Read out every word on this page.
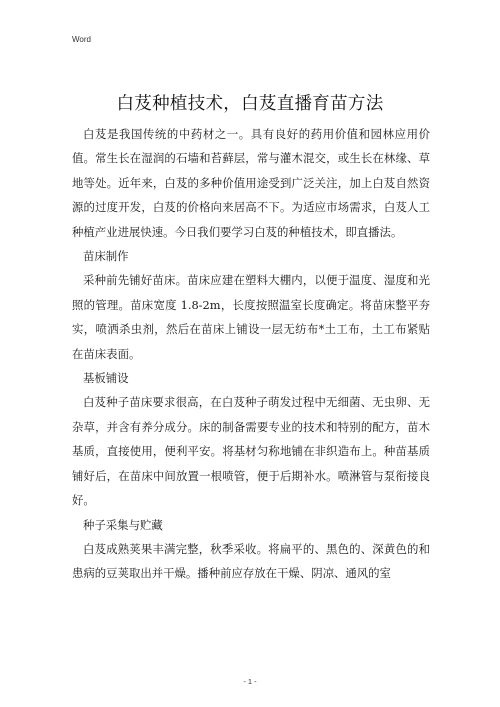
Word
白芨种植技术，白芨直播育苗方法

白芨是我国传统的中药材之一。具有良好的药用价值和园林应用价值。常生长在湿润的石墙和苔藓层，常与灌木混交，或生长在林缘、草地等处。近年来，白芨的多种价值用途受到广泛关注，加上白芨自然资源的过度开发，白芨的价格向来居高不下。为适应市场需求，白芨人工种植产业进展快速。今日我们要学习白芨的种植技术，即直播法。

苗床制作

采种前先铺好苗床。苗床应建在塑料大棚内，以便于温度、湿度和光照的管理。苗床宽度 1.8-2m，长度按照温室长度确定。将苗床整平夯实，喷洒杀虫剂，然后在苗床上铺设一层无纺布*土工布，土工布紧贴在苗床表面。

基板铺设

白芨种子苗床要求很高，在白芨种子萌发过程中无细菌、无虫卵、无杂草，并含有养分成分。床的制备需要专业的技术和特别的配方，苗木基质，直接使用，便利平安。将基材匀称地铺在非织造布上。种苗基质铺好后，在苗床中间放置一根喷管，便于后期补水。喷淋管与泵衔接良好。

种子采集与贮藏

白芨成熟荚果丰满完整，秋季采收。将扁平的、黑色的、深黄色的和患病的豆荚取出并干燥。播种前应存放在干燥、阴凉、通风的室

- 1 -
